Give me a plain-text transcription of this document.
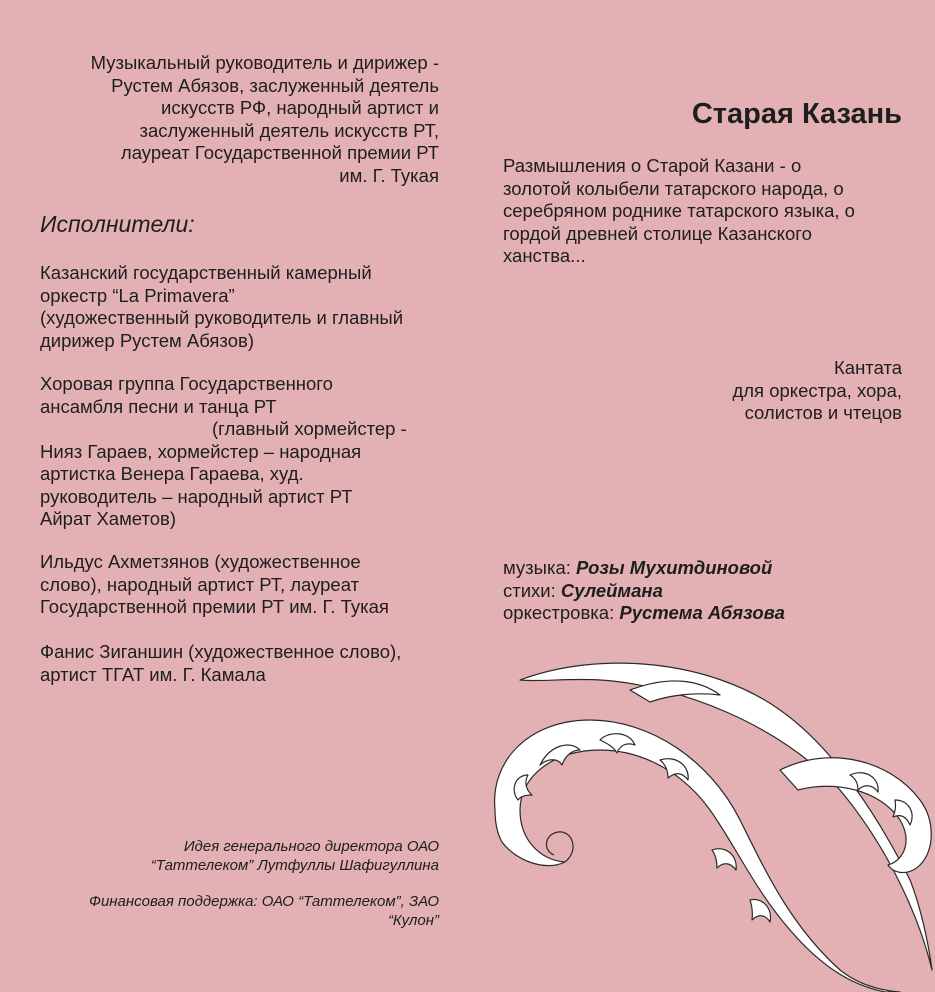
Музыкальный руководитель и дирижер -
Рустем Абязов, заслуженный деятель
искусств РФ, народный артист и
заслуженный деятель искусств РТ,
лауреат Государственной премии РТ
им. Г. Тукая
Исполнители:
Казанский государственный камерный
оркестр “La Primavera”
(художественный руководитель и главный
дирижер Рустем Абязов)
Хоровая группа Государственного
ансамбля песни и танца РТ
(главный хормейстер -
Нияз Гараев, хормейстер – народная
артистка Венера Гараева, худ.
руководитель – народный артист РТ
Айрат Хаметов)
Ильдус Ахметзянов (художественное
слово), народный артист РТ, лауреат
Государственной премии РТ им. Г. Тукая
Фанис Зиганшин (художественное слово),
артист ТГАТ им. Г. Камала
Идея генерального директора ОАО
“Таттелеком” Лутфуллы Шафигуллина
Финансовая поддержка: ОАО “Таттелеком”, ЗАО
“Кулон”
Старая Казань
Размышления о Старой Казани - о
золотой колыбели татарского народа, о
серебряном роднике татарского языка, о
гордой древней столице Казанского
ханства...
Кантата
для оркестра, хора,
солистов и чтецов
музыка: Розы Мухитдиновой
стихи: Сулеймана
оркестровка: Рустема Абязова
